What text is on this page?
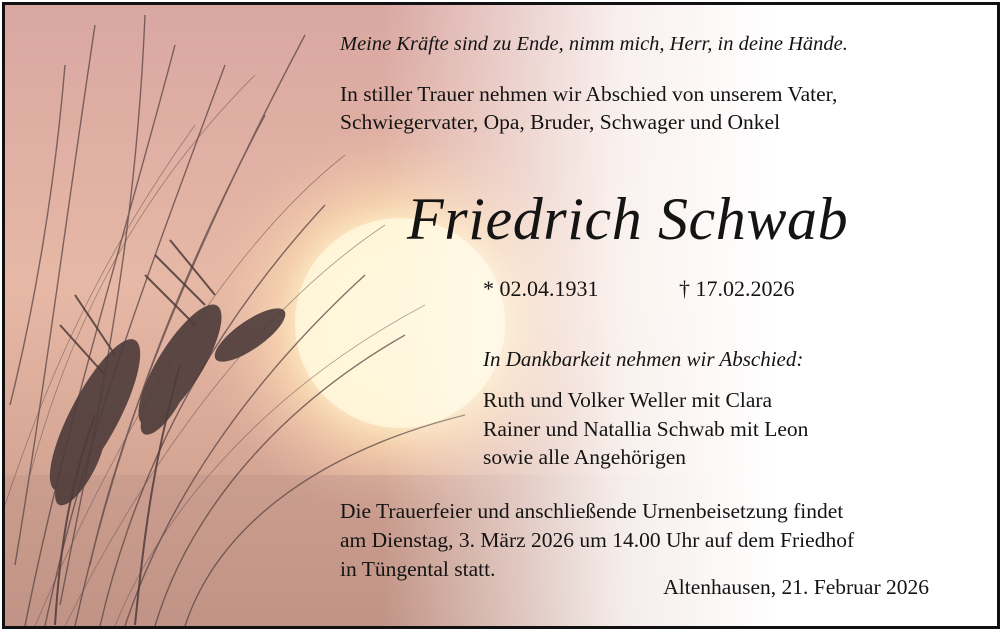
Meine Kräfte sind zu Ende, nimm mich, Herr, in deine Hände.
In stiller Trauer nehmen wir Abschied von unserem Vater,
Schwiegervater, Opa, Bruder, Schwager und Onkel
Friedrich Schwab
* 02.04.1931	† 17.02.2026
In Dankbarkeit nehmen wir Abschied:
Ruth und Volker Weller mit Clara
Rainer und Natallia Schwab mit Leon
sowie alle Angehörigen
Die Trauerfeier und anschließende Urnenbeisetzung findet
am Dienstag, 3. März 2026 um 14.00 Uhr auf dem Friedhof
in Tüngental statt.
Altenhausen, 21. Februar 2026
